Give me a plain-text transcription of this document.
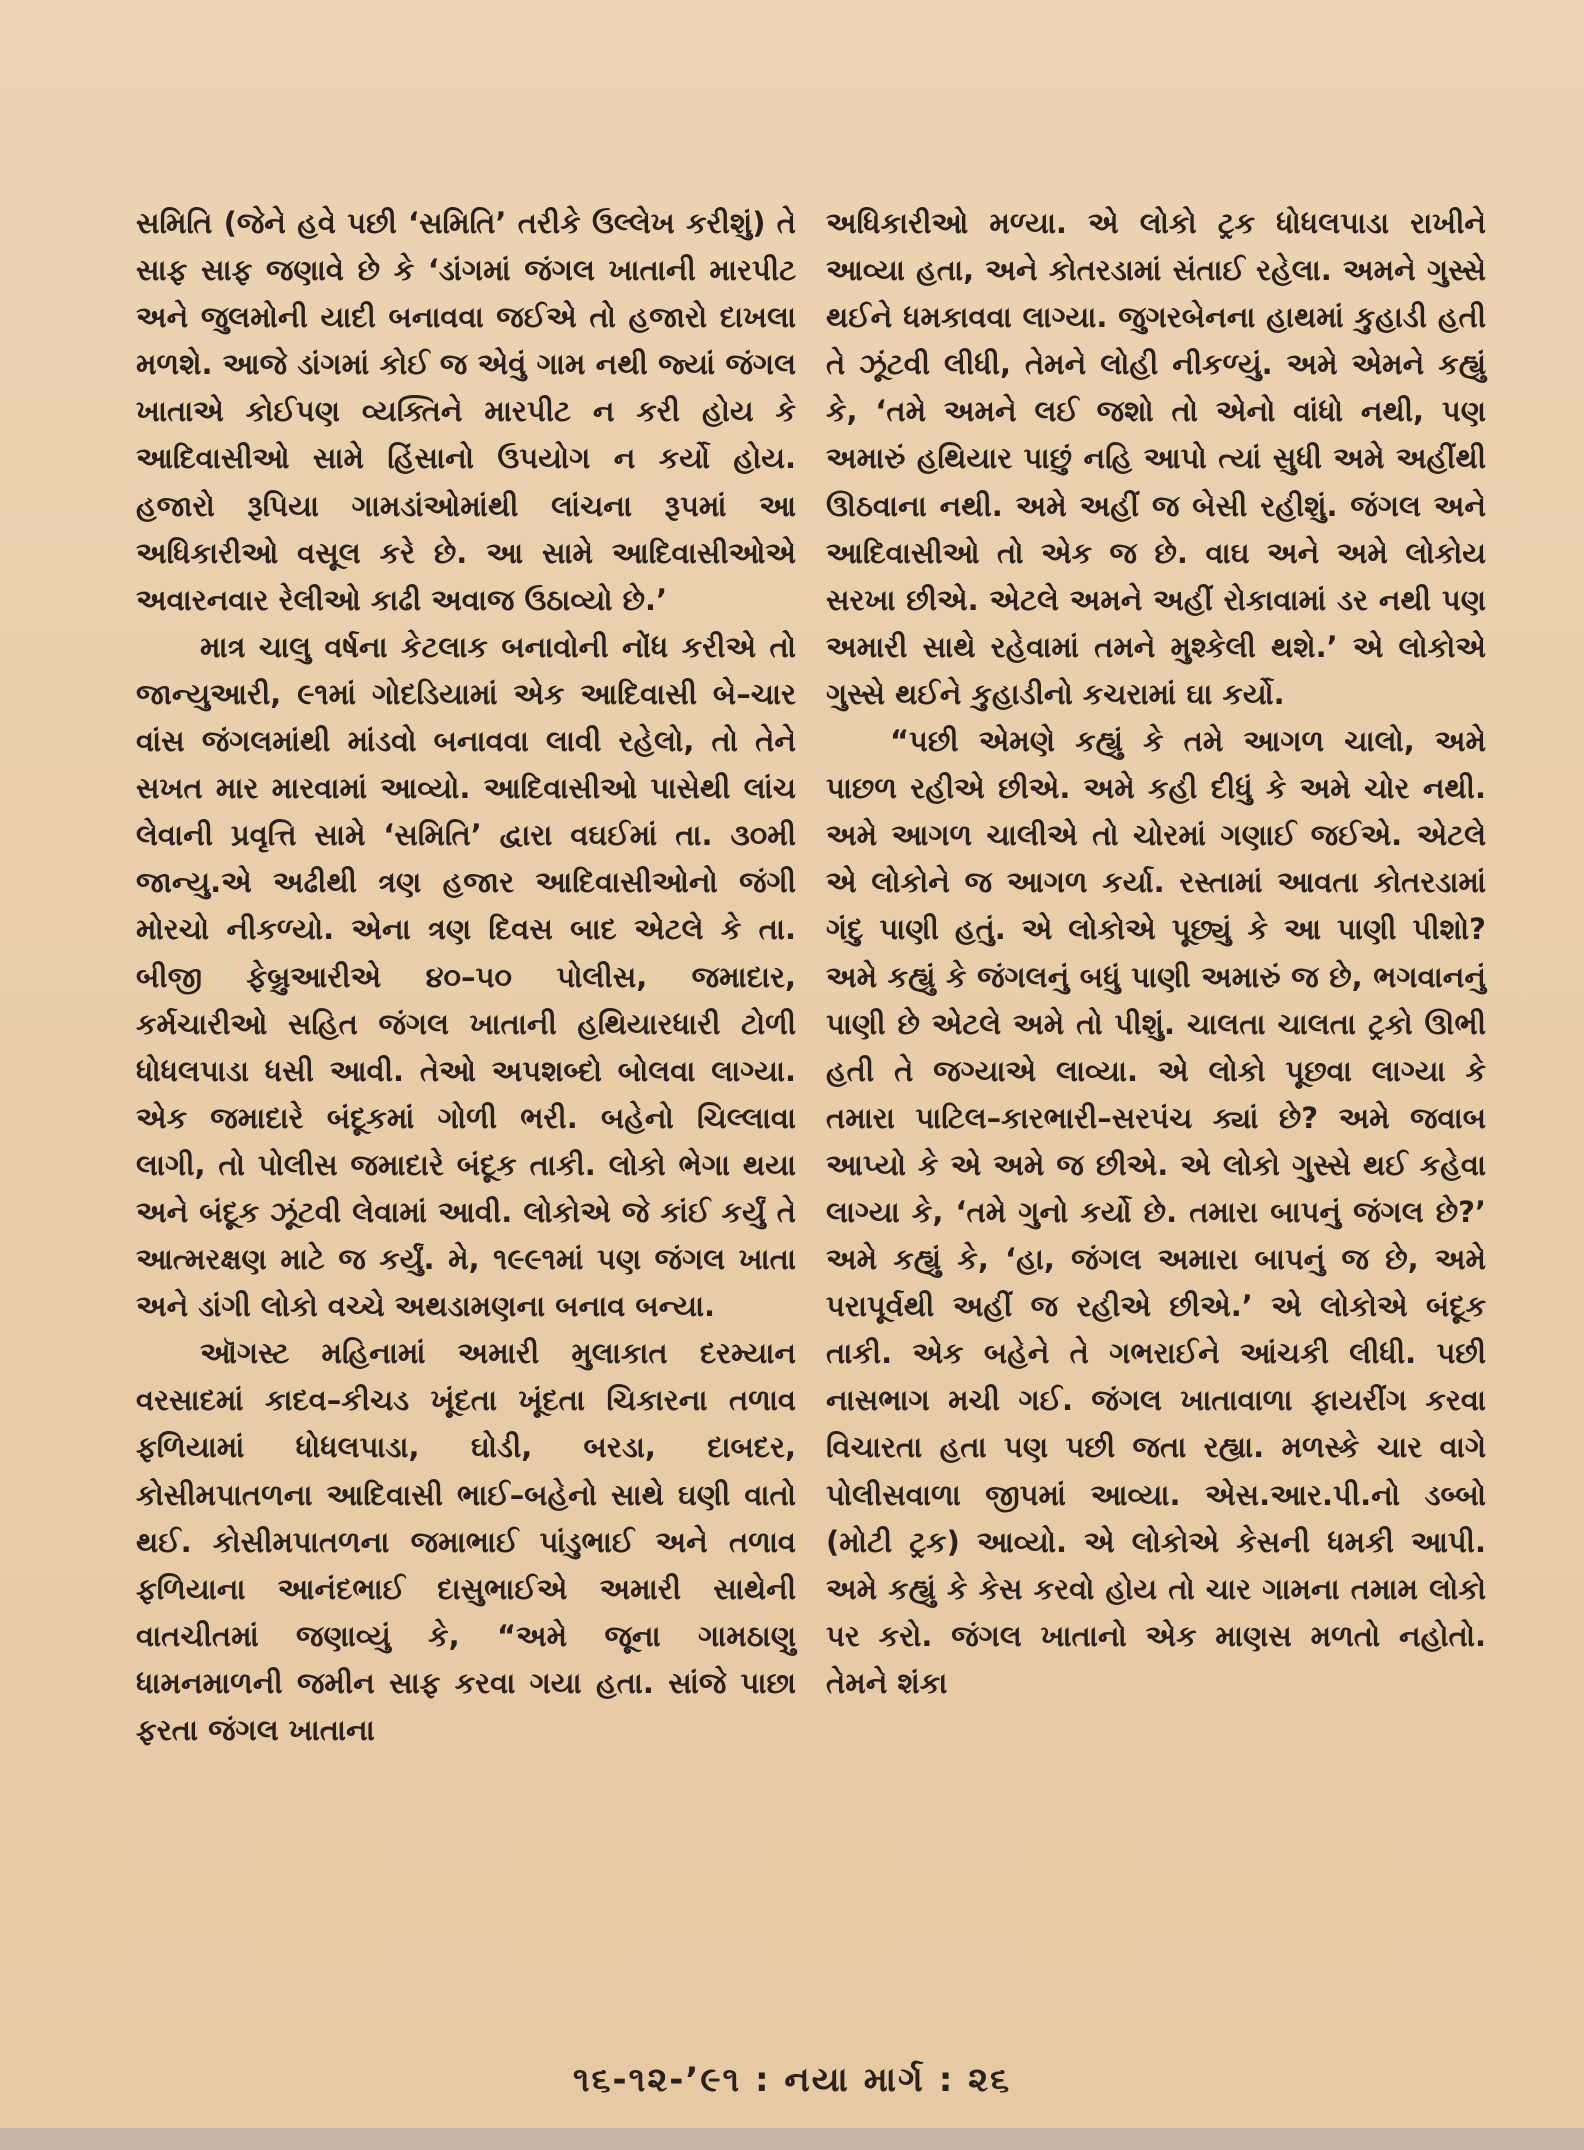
સમિતિ (જેને હવે પછી ‘સમિતિ’ તરીકે ઉલ્લેખ કરીશું) તે સાફ સાફ જણાવે છે કે ‘ડાંગમાં જંગલ ખાતાની મારપીટ અને જુલમોની યાદી બનાવવા જઈએ તો હજારો દાખલા મળશે. આજે ડાંગમાં કોઈ જ એવું ગામ નથી જ્યાં જંગલ ખાતાએ કોઈપણ વ્યક્તિને મારપીટ ન કરી હોય કે આદિવાસીઓ સામે હિંસાનો ઉપયોગ ન કર્યો હોય. હજારો રૂપિયા ગામડાંઓમાંથી લાંચના રૂપમાં આ અધિકારીઓ વસૂલ કરે છે. આ સામે આદિવાસીઓએ અવારનવાર રેલીઓ કાઢી અવાજ ઉઠાવ્યો છે.’

માત્ર ચાલુ વર્ષના કેટલાક બનાવોની નોંધ કરીએ તો જાન્યુઆરી, ૯૧માં ગોદડિયામાં એક આદિવાસી બે–ચાર વાંસ જંગલમાંથી માંડવો બનાવવા લાવી રહેલો, તો તેને સખત માર મારવામાં આવ્યો. આદિવાસીઓ પાસેથી લાંચ લેવાની પ્રવૃત્તિ સામે ‘સમિતિ’ દ્વારા વઘઈમાં તા. ૩૦મી જાન્યુ.એ અઢીથી ત્રણ હજાર આદિવાસીઓનો જંગી મોરચો નીકળ્યો. એના ત્રણ દિવસ બાદ એટલે કે તા. બીજી ફેબ્રુઆરીએ ૪૦–૫૦ પોલીસ, જમાદાર, કર્મચારીઓ સહિત જંગલ ખાતાની હથિયારધારી ટોળી ધોધલપાડા ધસી આવી. તેઓ અપશબ્દો બોલવા લાગ્યા. એક જમાદારે બંદૂકમાં ગોળી ભરી. બહેનો ચિલ્લાવા લાગી, તો પોલીસ જમાદારે બંદૂક તાકી. લોકો ભેગા થયા અને બંદૂક ઝૂંટવી લેવામાં આવી. લોકોએ જે કાંઈ કર્યું તે આત્મરક્ષણ માટે જ કર્યું. મે, ૧૯૯૧માં પણ જંગલ ખાતા અને ડાંગી લોકો વચ્ચે અથડામણના બનાવ બન્યા.

ઑગસ્ટ મહિનામાં અમારી મુલાકાત દરમ્યાન વરસાદમાં કાદવ–કીચડ ખૂંદતા ખૂંદતા ચિકારના તળાવ ફળિયામાં ધોધલપાડા, ઘોડી, બરડા, દાબદર, કોસીમપાતળના આદિવાસી ભાઈ–બહેનો સાથે ઘણી વાતો થઈ. કોસીમપાતળના જમાભાઈ પાંડુભાઈ અને તળાવ ફળિયાના આનંદભાઈ દાસુભાઈએ અમારી સાથેની વાતચીતમાં જણાવ્યું કે, “અમે જૂના ગામઠાણુ ધામનમાળની જમીન સાફ કરવા ગયા હતા. સાંજે પાછા ફરતા જંગલ ખાતાના

અધિકારીઓ મળ્યા. એ લોકો ટ્રક ધોધલપાડા રાખીને આવ્યા હતા, અને કોતરડામાં સંતાઈ રહેલા. અમને ગુસ્સે થઈને ધમકાવવા લાગ્યા. જુગરબેનના હાથમાં કુહાડી હતી તે ઝૂંટવી લીધી, તેમને લોહી નીકળ્યું. અમે એમને કહ્યું કે, ‘તમે અમને લઈ જશો તો એનો વાંધો નથી, પણ અમારું હથિયાર પાછું નહિ આપો ત્યાં સુધી અમે અહીંથી ઊઠવાના નથી. અમે અહીં જ બેસી રહીશું. જંગલ અને આદિવાસીઓ તો એક જ છે. વાઘ અને અમે લોકોય સરખા છીએ. એટલે અમને અહીં રોકાવામાં ડર નથી પણ અમારી સાથે રહેવામાં તમને મુશ્કેલી થશે.’ એ લોકોએ ગુસ્સે થઈને કુહાડીનો કચરામાં ઘા કર્યો.

“પછી એમણે કહ્યું કે તમે આગળ ચાલો, અમે પાછળ રહીએ છીએ. અમે કહી દીધું કે અમે ચોર નથી. અમે આગળ ચાલીએ તો ચોરમાં ગણાઈ જઈએ. એટલે એ લોકોને જ આગળ કર્યા. રસ્તામાં આવતા કોતરડામાં ગંદુ પાણી હતું. એ લોકોએ પૂછ્યું કે આ પાણી પીશો? અમે કહ્યું કે જંગલનું બધું પાણી અમારું જ છે, ભગવાનનું પાણી છે એટલે અમે તો પીશું. ચાલતા ચાલતા ટ્રકો ઊભી હતી તે જગ્યાએ લાવ્યા. એ લોકો પૂછવા લાગ્યા કે તમારા પાટિલ–કારભારી–સરપંચ ક્યાં છે? અમે જવાબ આપ્યો કે એ અમે જ છીએ. એ લોકો ગુસ્સે થઈ કહેવા લાગ્યા કે, ‘તમે ગુનો કર્યો છે. તમારા બાપનું જંગલ છે?’ અમે કહ્યું કે, ‘હા, જંગલ અમારા બાપનું જ છે, અમે પરાપૂર્વથી અહીં જ રહીએ છીએ.’ એ લોકોએ બંદૂક તાકી. એક બહેને તે ગભરાઈને આંચકી લીધી. પછી નાસભાગ મચી ગઈ. જંગલ ખાતાવાળા ફાયરીંગ કરવા વિચારતા હતા પણ પછી જતા રહ્યા. મળસ્કે ચાર વાગે પોલીસવાળા જીપમાં આવ્યા. એસ.આર.પી.નો ડબ્બો (મોટી ટ્રક) આવ્યો. એ લોકોએ કેસની ધમકી આપી. અમે કહ્યું કે કેસ કરવો હોય તો ચાર ગામના તમામ લોકો પર કરો. જંગલ ખાતાનો એક માણસ મળતો નહોતો. તેમને શંકા

૧૬-૧૨-’૯૧ : નયા માર્ગ : ૨૬
